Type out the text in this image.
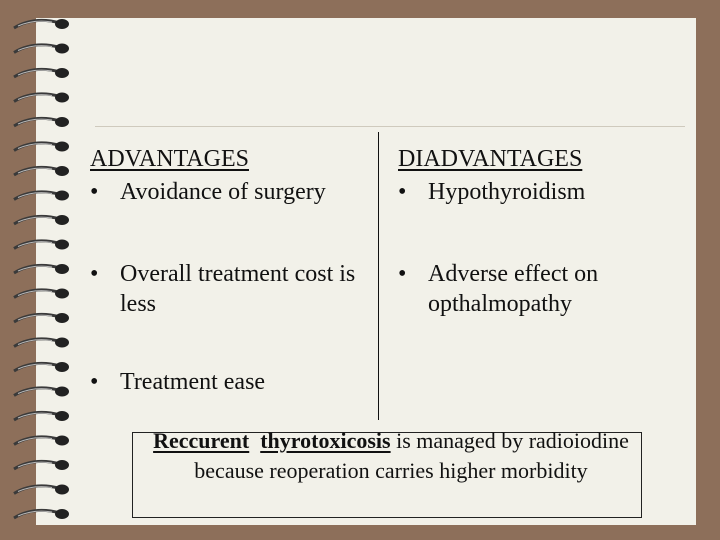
ADVANTAGES
• Avoidance of surgery
• Overall treatment cost is less
• Treatment ease
DIADVANTAGES
• Hypothyroidism
• Adverse effect on opthalmopathy
Reccurent thyrotoxicosis is managed by radioiodine
because reoperation carries higher morbidity
